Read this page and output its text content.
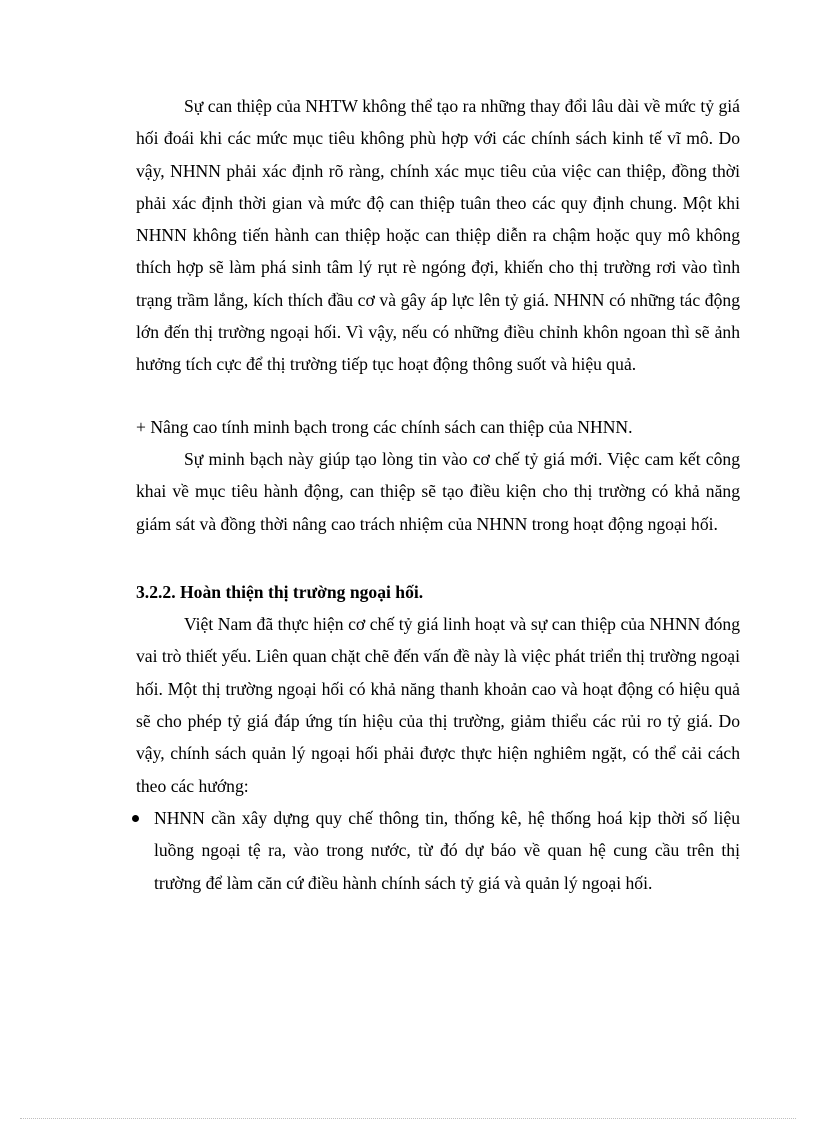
Sự can thiệp của NHTW không thể tạo ra những thay đổi lâu dài về mức tỷ giá hối đoái khi các mức mục tiêu không phù hợp với các chính sách kinh tế vĩ mô. Do vậy, NHNN phải xác định rõ ràng, chính xác mục tiêu của việc can thiệp, đồng thời phải xác định thời gian và mức độ can thiệp tuân theo các quy định chung. Một khi NHNN không tiến hành can thiệp hoặc can thiệp diễn ra chậm hoặc quy mô không thích hợp sẽ làm phá sinh tâm lý rụt rè ngóng đợi, khiến cho thị trường rơi vào tình trạng trầm lắng, kích thích đầu cơ và gây áp lực lên tỷ giá. NHNN có những tác động lớn đến thị trường ngoại hối. Vì vậy, nếu có những điều chỉnh khôn ngoan thì sẽ ảnh hưởng tích cực để thị trường tiếp tục hoạt động thông suốt và hiệu quả.

+ Nâng cao tính minh bạch trong các chính sách can thiệp của NHNN.

Sự minh bạch này giúp tạo lòng tin vào cơ chế tỷ giá mới. Việc cam kết công khai về mục tiêu hành động, can thiệp sẽ tạo điều kiện cho thị trường có khả năng giám sát và đồng thời nâng cao trách nhiệm của NHNN trong hoạt động ngoại hối.

3.2.2. Hoàn thiện thị trường ngoại hối.

Việt Nam đã thực hiện cơ chế tỷ giá linh hoạt và sự can thiệp của NHNN đóng vai trò thiết yếu. Liên quan chặt chẽ đến vấn đề này là việc phát triển thị trường ngoại hối. Một thị trường ngoại hối có khả năng thanh khoản cao và hoạt động có hiệu quả sẽ cho phép tỷ giá đáp ứng tín hiệu của thị trường, giảm thiểu các rủi ro tỷ giá. Do vậy, chính sách quản lý ngoại hối phải được thực hiện nghiêm ngặt, có thể cải cách theo các hướng:

NHNN cần xây dựng quy chế thông tin, thống kê, hệ thống hoá kịp thời số liệu luồng ngoại tệ ra, vào trong nước, từ đó dự báo về quan hệ cung cầu trên thị trường để làm căn cứ điều hành chính sách tỷ giá và quản lý ngoại hối.
